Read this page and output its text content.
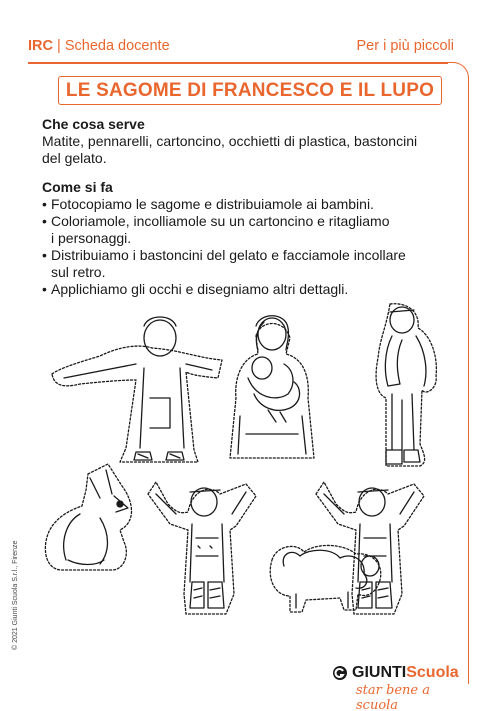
IRC | Scheda docente	Per i più piccoli
LE SAGOME DI FRANCESCO E IL LUPO
Che cosa serve
Matite, pennarelli, cartoncino, occhietti di plastica, bastoncini
del gelato.
Come si fa
• Fotocopiamo le sagome e distribuiamole ai bambini.
• Coloriamole, incolliamole su un cartoncino e ritagliamo
i personaggi.
• Distribuiamo i bastoncini del gelato e facciamole incollare
sul retro.
• Applichiamo gli occhi e disegniamo altri dettagli.
© 2021 Giunti Scuola S.r.l., Firenze
GIUNTIScuola
star bene a scuola
